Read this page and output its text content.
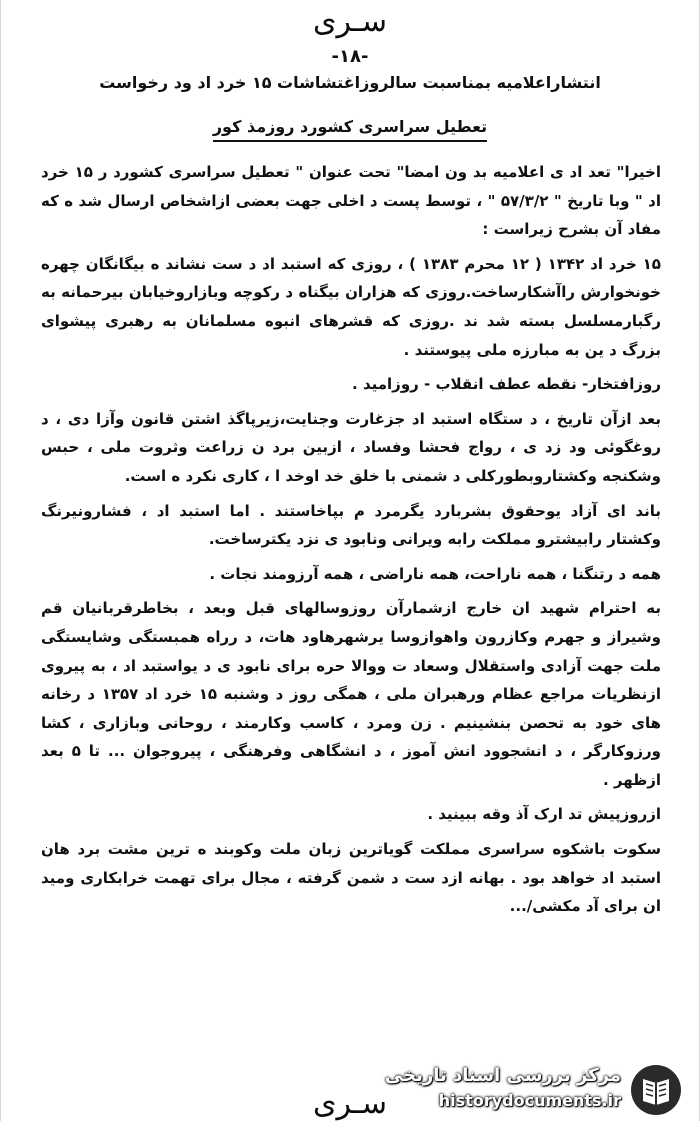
سـری
-۱۸-
انتشاراعلامیه بمناسبت سالروزاغتشاشات ۱۵ خرد اد ود رخواست
تعطیل سراسری کشورد روزمذ کور

اخیرا" تعد اد ی اعلامیه بد ون امضا" تحت عنوان " تعطیل سراسری کشورد ر ۱۵ خرد اد " وبا تاریخ " ۵۷/۳/۲ " ، توسط پست د اخلی جهت بعضی ازاشخاص ارسال شد ه که مفاد آن بشرح زیراست :

۱۵ خرد اد ۱۳۴۲ ( ۱۲ محرم ۱۳۸۳ ) ، روزی که استبد اد د ست نشاند ه بیگانگان چهره خونخوارش راآشکارساخت.روزی که هزاران بیگناه د رکوچه وبازاروخیابان بیرحمانه به رگبارمسلسل بسته شد ند .روزی که قشرهای انبوه مسلمانان به رهبری پیشوای بزرگ د ین به مبارزه ملی پیوستند .

روزافتخار- نقطه عطف انقلاب - روزامید .

بعد ازآن تاریخ ، د ستگاه استبد اد جزغارت وجنایت،زیرپاگذ اشتن قانون وآزا دی ، د روغگوئی ود زد ی ، رواج فحشا وفساد ، ازبین برد ن زراعت وثروت ملی ، حبس وشکنجه وکشتاروبطورکلی د شمنی با خلق خد اوخد ا ، کاری نکرد ه است.

باند ای آزاد یوحقوق بشربارد یگرمرد م بپاخاستند . اما استبد اد ، فشارونیرنگ وکشتار رابیشترو مملکت رابه ویرانی ونابود ی نزد یکترساخت.

همه د رتنگنا ، همه ناراحت، همه ناراضی ، همه آرزومند نجات .

به احترام شهید ان خارج ازشمارآن روزوسالهای قبل وبعد ، بخاطرقربانیان قم وشیراز و جهرم وکازرون واهوازوسا یرشهرهاود هات، د رراه همبستگی وشایستگی ملت جهت آزادی واستقلال وسعاد ت ووالا حره برای نابود ی د یواستبد اد ، به پیروی ازنظریات مراجع عظام ورهبران ملی ، همگی روز د وشنبه ۱۵ خرد اد ۱۳۵۷ د رخانه های خود به تحصن بنشینیم . زن ومرد ، کاسب وکارمند ، روحانی وبازاری ، کشا ورزوکارگر ، د انشجوود انش آموز ، د انشگاهی وفرهنگی ، پیروجوان ... تا ۵ بعد ازظهر .

ازروزپیش تد ارک آذ وقه ببینید .

سکوت باشکوه سراسری مملکت گویاترین زبان ملت وکوبند ه ترین مشت برد هان استبد اد خواهد بود . بهانه ازد ست د شمن گرفته ، مجال برای تهمت خرابکاری ومید ان برای آد مکشی/...

سـری
مرکز بررسی اسناد تاریخی
historydocuments.ir
